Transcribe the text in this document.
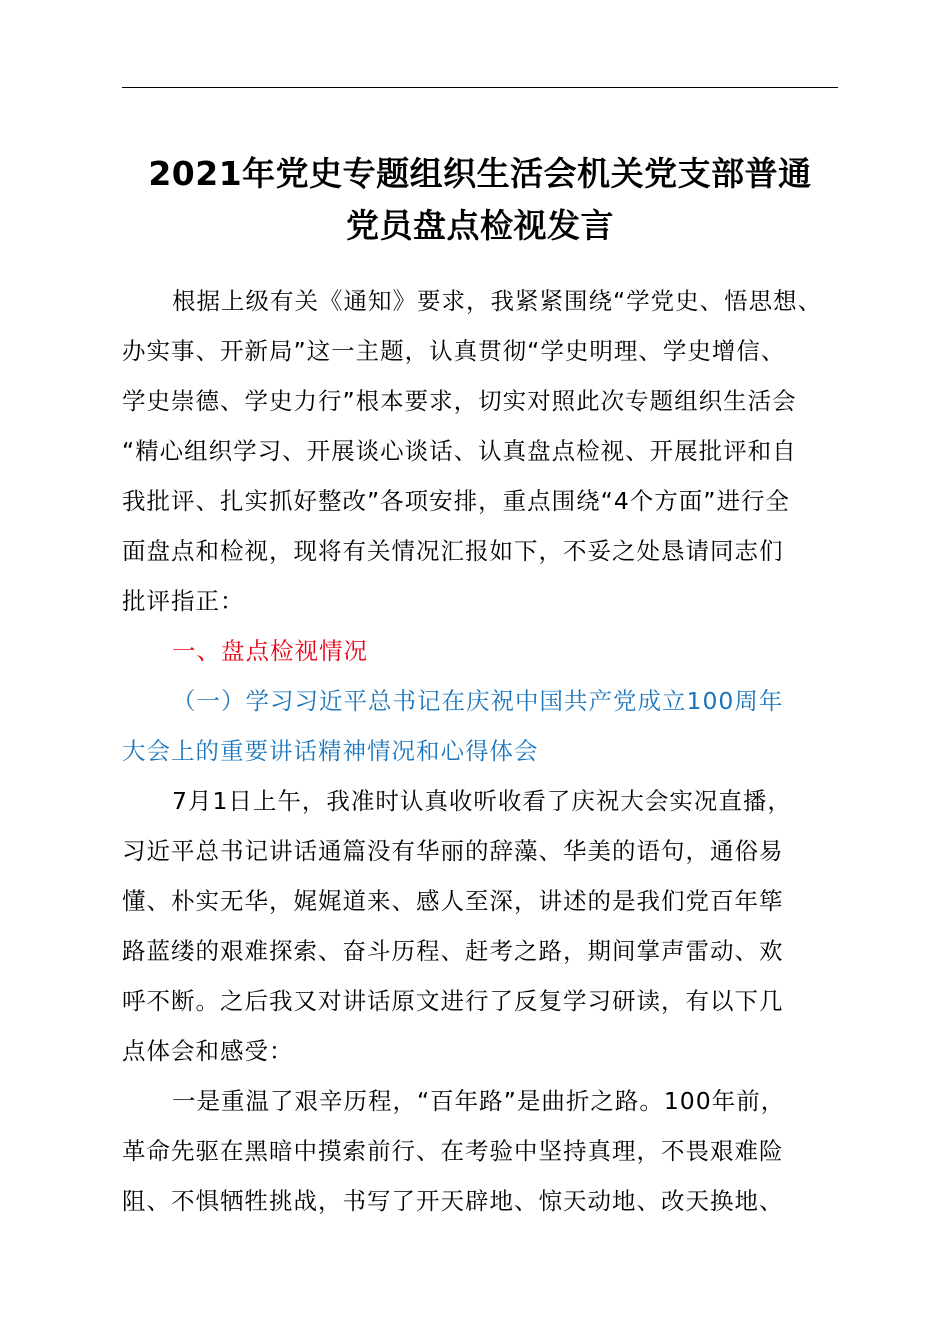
2021年党史专题组织生活会机关党支部普通
党员盘点检视发言
根据上级有关《通知》要求，我紧紧围绕“学党史、悟思想、
办实事、开新局”这一主题，认真贯彻“学史明理、学史增信、
学史崇德、学史力行”根本要求，切实对照此次专题组织生活会
“精心组织学习、开展谈心谈话、认真盘点检视、开展批评和自
我批评、扎实抓好整改”各项安排，重点围绕“4个方面”进行全
面盘点和检视，现将有关情况汇报如下，不妥之处恳请同志们
批评指正：
一、盘点检视情况
（一）学习习近平总书记在庆祝中国共产党成立100周年
大会上的重要讲话精神情况和心得体会
7月1日上午，我准时认真收听收看了庆祝大会实况直播，
习近平总书记讲话通篇没有华丽的辞藻、华美的语句，通俗易
懂、朴实无华，娓娓道来、感人至深，讲述的是我们党百年筚
路蓝缕的艰难探索、奋斗历程、赶考之路，期间掌声雷动、欢
呼不断。之后我又对讲话原文进行了反复学习研读，有以下几
点体会和感受：
一是重温了艰辛历程，“百年路”是曲折之路。100年前，
革命先驱在黑暗中摸索前行、在考验中坚持真理，不畏艰难险
阻、不惧牺牲挑战，书写了开天辟地、惊天动地、改天换地、
